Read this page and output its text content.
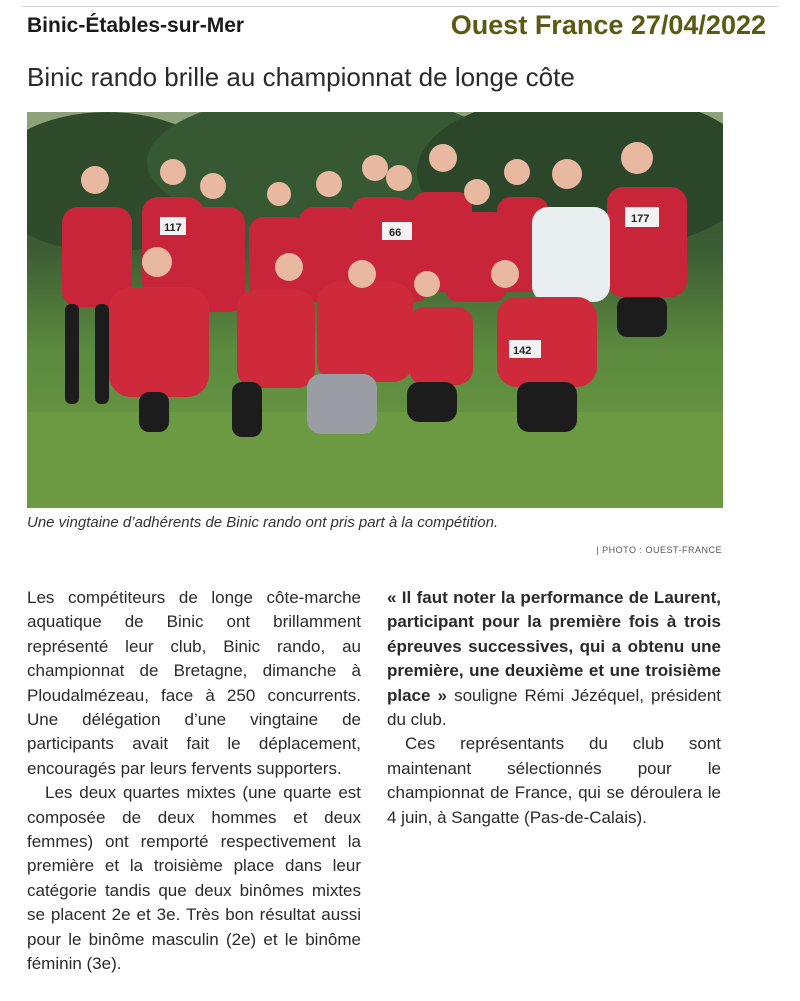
Binic-Étables-sur-Mer	Ouest France 27/04/2022
Binic rando brille au championnat de longe côte
117	66
177
142
Une vingtaine d’adhérents de Binic rando ont pris part à la compétition.
| PHOTO : OUEST-FRANCE

Les compétiteurs de longe côte-marche aquatique de Binic ont brillamment représenté leur club, Binic rando, au championnat de Bretagne, dimanche à Ploudalmézeau, face à 250 concurrents. Une délégation d’une vingtaine de participants avait fait le déplacement, encouragés par leurs fervents supporters.

Les deux quartes mixtes (une quarte est composée de deux hommes et deux femmes) ont remporté respectivement la première et la troisième place dans leur catégorie tandis que deux binômes mixtes se placent 2e et 3e. Très bon résultat aussi pour le binôme masculin (2e) et le binôme féminin (3e).

« Il faut noter la performance de Laurent, participant pour la première fois à trois épreuves successives, qui a obtenu une première, une deuxième et une troisième place » souligne Rémi Jézéquel, président du club.

Ces représentants du club sont maintenant sélectionnés pour le championnat de France, qui se déroulera le 4 juin, à Sangatte (Pas-de-Calais).
